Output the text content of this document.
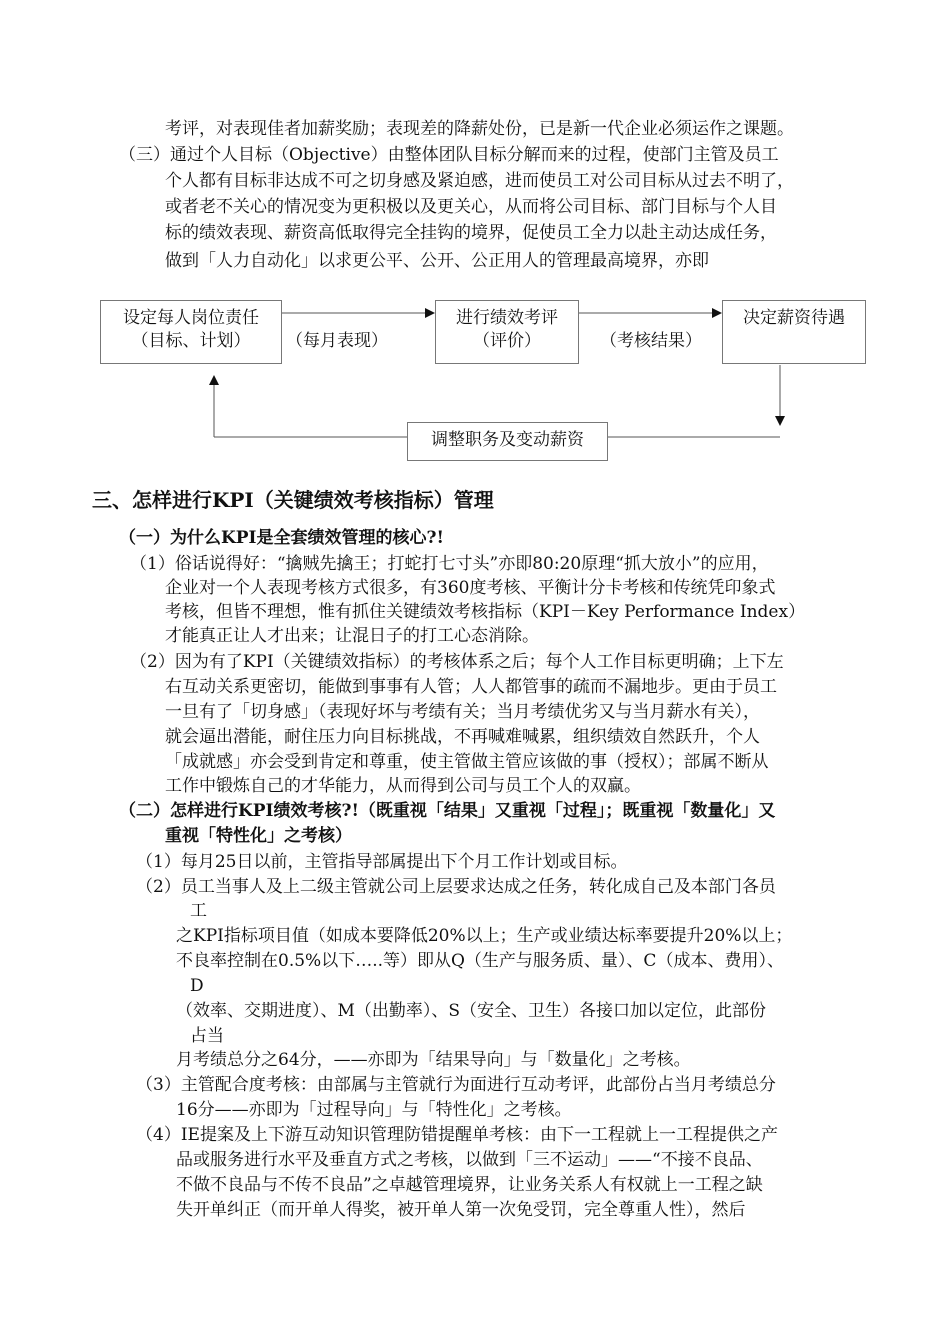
考评，对表现佳者加薪奖励；表现差的降薪处份，已是新一代企业必须运作之课题。
（三）通过个人目标（Objective）由整体团队目标分解而来的过程，使部门主管及员工
个人都有目标非达成不可之切身感及紧迫感，进而使员工对公司目标从过去不明了，
或者老不关心的情况变为更积极以及更关心，从而将公司目标、部门目标与个人目
标的绩效表现、薪资高低取得完全挂钩的境界，促使员工全力以赴主动达成任务，
做到「人力自动化」以求更公平、公开、公正用人的管理最高境界，亦即
设定每人岗位责任
（目标、计划）	（每月表现）
进行绩效考评
（评价）	（考核结果）
决定薪资待遇
调整职务及变动薪资
三、怎样进行KPI（关键绩效考核指标）管理
（一）为什么KPI是全套绩效管理的核心?!
（1）俗话说得好：“擒贼先擒王；打蛇打七寸头”亦即80:20原理“抓大放小”的应用，
企业对一个人表现考核方式很多，有360度考核、平衡计分卡考核和传统凭印象式
考核，但皆不理想，惟有抓住关键绩效考核指标（KPI－Key Performance Index）
才能真正让人才出来；让混日子的打工心态消除。
（2）因为有了KPI（关键绩效指标）的考核体系之后；每个人工作目标更明确；上下左
右互动关系更密切，能做到事事有人管；人人都管事的疏而不漏地步。更由于员工
一旦有了「切身感」（表现好坏与考绩有关；当月考绩优劣又与当月薪水有关），
就会逼出潜能，耐住压力向目标挑战，不再喊难喊累，组织绩效自然跃升，个人
「成就感」亦会受到肯定和尊重，使主管做主管应该做的事（授权）；部属不断从
工作中锻炼自己的才华能力，从而得到公司与员工个人的双赢。
（二）怎样进行KPI绩效考核?!（既重视「结果」又重视「过程」；既重视「数量化」又
重视「特性化」之考核）
（1）每月25日以前，主管指导部属提出下个月工作计划或目标。
（2）员工当事人及上二级主管就公司上层要求达成之任务，转化成自己及本部门各员
工
之KPI指标项目值（如成本要降低20%以上；生产或业绩达标率要提升20%以上；
不良率控制在0.5%以下…..等）即从Q（生产与服务质、量）、C（成本、费用）、
D
（效率、交期进度）、M（出勤率）、S（安全、卫生）各接口加以定位，此部份
占当
月考绩总分之64分，——亦即为「结果导向」与「数量化」之考核。
（3）主管配合度考核：由部属与主管就行为面进行互动考评，此部份占当月考绩总分
16分——亦即为「过程导向」与「特性化」之考核。
（4）IE提案及上下游互动知识管理防错提醒单考核：由下一工程就上一工程提供之产
品或服务进行水平及垂直方式之考核，以做到「三不运动」——“不接不良品、
不做不良品与不传不良品”之卓越管理境界，让业务关系人有权就上一工程之缺
失开单纠正（而开单人得奖，被开单人第一次免受罚，完全尊重人性），然后
